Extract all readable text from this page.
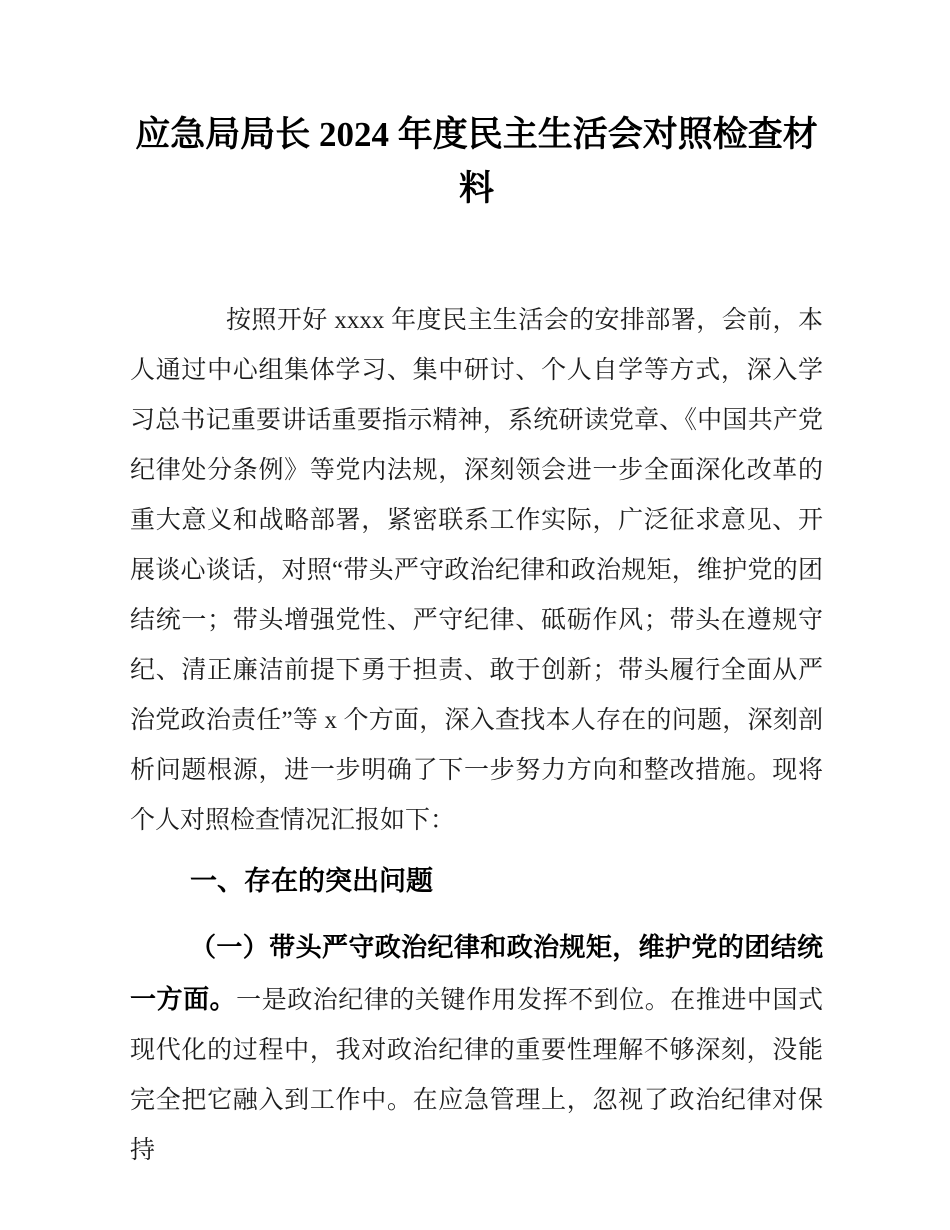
应急局局长 2024 年度民主生活会对照检查材料

按照开好 xxxx 年度民主生活会的安排部署，会前，本人通过中心组集体学习、集中研讨、个人自学等方式，深入学习总书记重要讲话重要指示精神，系统研读党章、《中国共产党纪律处分条例》等党内法规，深刻领会进一步全面深化改革的重大意义和战略部署，紧密联系工作实际，广泛征求意见、开展谈心谈话，对照“带头严守政治纪律和政治规矩，维护党的团结统一；带头增强党性、严守纪律、砥砺作风；带头在遵规守纪、清正廉洁前提下勇于担责、敢于创新；带头履行全面从严治党政治责任”等 x 个方面，深入查找本人存在的问题，深刻剖析问题根源，进一步明确了下一步努力方向和整改措施。现将个人对照检查情况汇报如下：

一、存在的突出问题

（一）带头严守政治纪律和政治规矩，维护党的团结统一方面。一是政治纪律的关键作用发挥不到位。在推进中国式现代化的过程中，我对政治纪律的重要性理解不够深刻，没能完全把它融入到工作中。在应急管理上，忽视了政治纪律对保持
